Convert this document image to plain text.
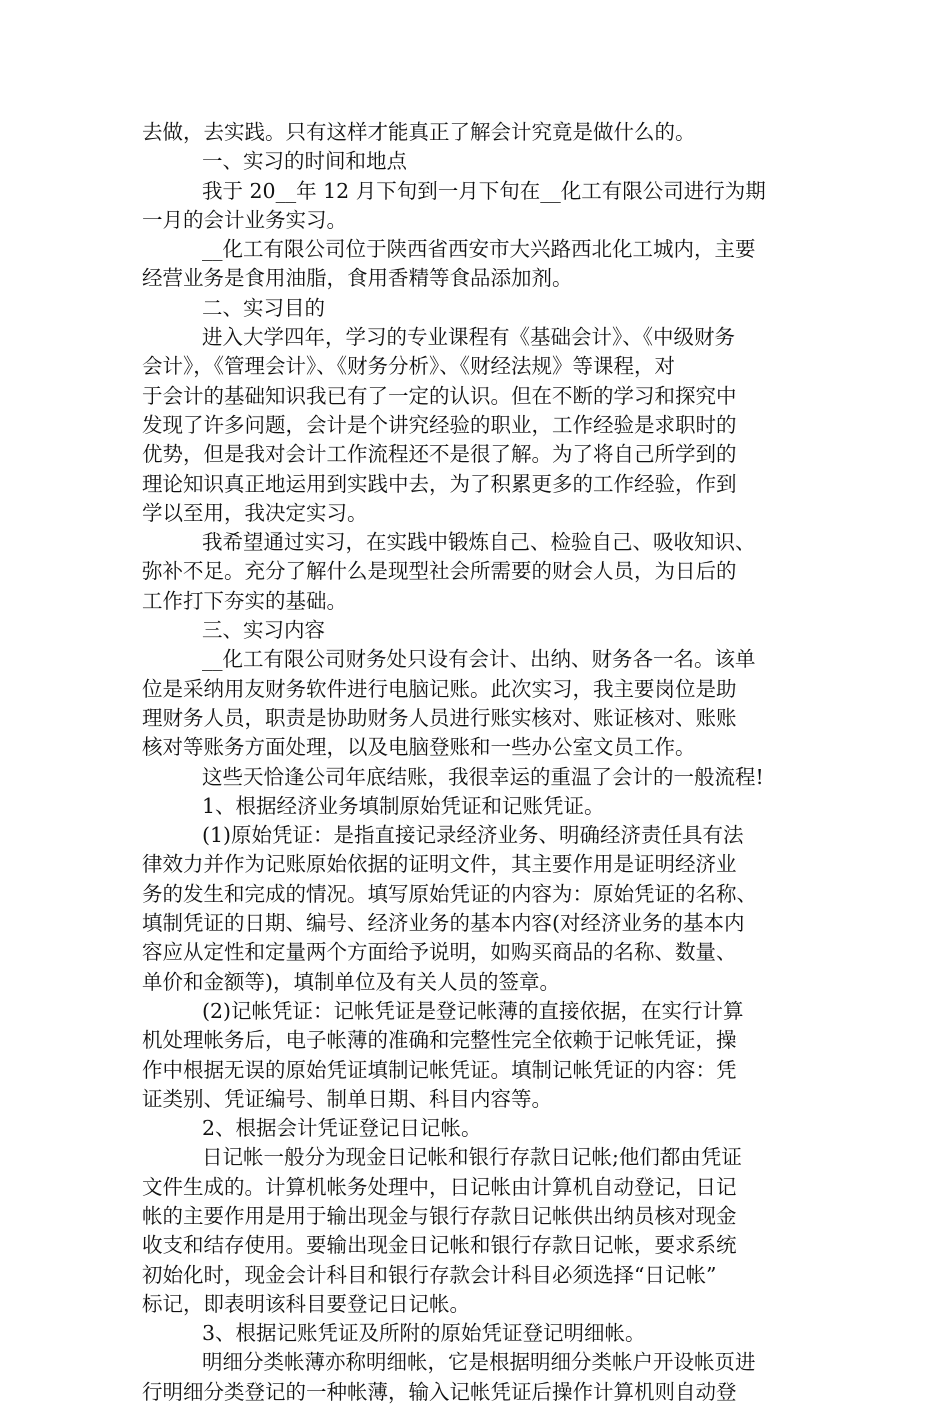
去做，去实践。只有这样才能真正了解会计究竟是做什么的。
一、实习的时间和地点
我于 20__年 12 月下旬到一月下旬在__化工有限公司进行为期
一月的会计业务实习。
__化工有限公司位于陕西省西安市大兴路西北化工城内，主要
经营业务是食用油脂，食用香精等食品添加剂。
二、实习目的
进入大学四年，学习的专业课程有《基础会计》、《中级财务
会计》，《管理会计》、《财务分析》、《财经法规》等课程，对
于会计的基础知识我已有了一定的认识。但在不断的学习和探究中
发现了许多问题，会计是个讲究经验的职业，工作经验是求职时的
优势，但是我对会计工作流程还不是很了解。为了将自己所学到的
理论知识真正地运用到实践中去，为了积累更多的工作经验，作到
学以至用，我决定实习。
我希望通过实习，在实践中锻炼自己、检验自己、吸收知识、
弥补不足。充分了解什么是现型社会所需要的财会人员，为日后的
工作打下夯实的基础。
三、实习内容
__化工有限公司财务处只设有会计、出纳、财务各一名。该单
位是采纳用友财务软件进行电脑记账。此次实习，我主要岗位是助
理财务人员，职责是协助财务人员进行账实核对、账证核对、账账
核对等账务方面处理，以及电脑登账和一些办公室文员工作。
这些天恰逢公司年底结账，我很幸运的重温了会计的一般流程!
1、根据经济业务填制原始凭证和记账凭证。
(1)原始凭证：是指直接记录经济业务、明确经济责任具有法
律效力并作为记账原始依据的证明文件，其主要作用是证明经济业
务的发生和完成的情况。填写原始凭证的内容为：原始凭证的名称、
填制凭证的日期、编号、经济业务的基本内容(对经济业务的基本内
容应从定性和定量两个方面给予说明，如购买商品的名称、数量、
单价和金额等)，填制单位及有关人员的签章。
(2)记帐凭证：记帐凭证是登记帐薄的直接依据，在实行计算
机处理帐务后，电子帐薄的准确和完整性完全依赖于记帐凭证，操
作中根据无误的原始凭证填制记帐凭证。填制记帐凭证的内容：凭
证类别、凭证编号、制单日期、科目内容等。
2、根据会计凭证登记日记帐。
日记帐一般分为现金日记帐和银行存款日记帐;他们都由凭证
文件生成的。计算机帐务处理中，日记帐由计算机自动登记，日记
帐的主要作用是用于输出现金与银行存款日记帐供出纳员核对现金
收支和结存使用。要输出现金日记帐和银行存款日记帐，要求系统
初始化时，现金会计科目和银行存款会计科目必须选择“日记帐”
标记，即表明该科目要登记日记帐。
3、根据记账凭证及所附的原始凭证登记明细帐。
明细分类帐薄亦称明细帐，它是根据明细分类帐户开设帐页进
行明细分类登记的一种帐薄，输入记帐凭证后操作计算机则自动登
